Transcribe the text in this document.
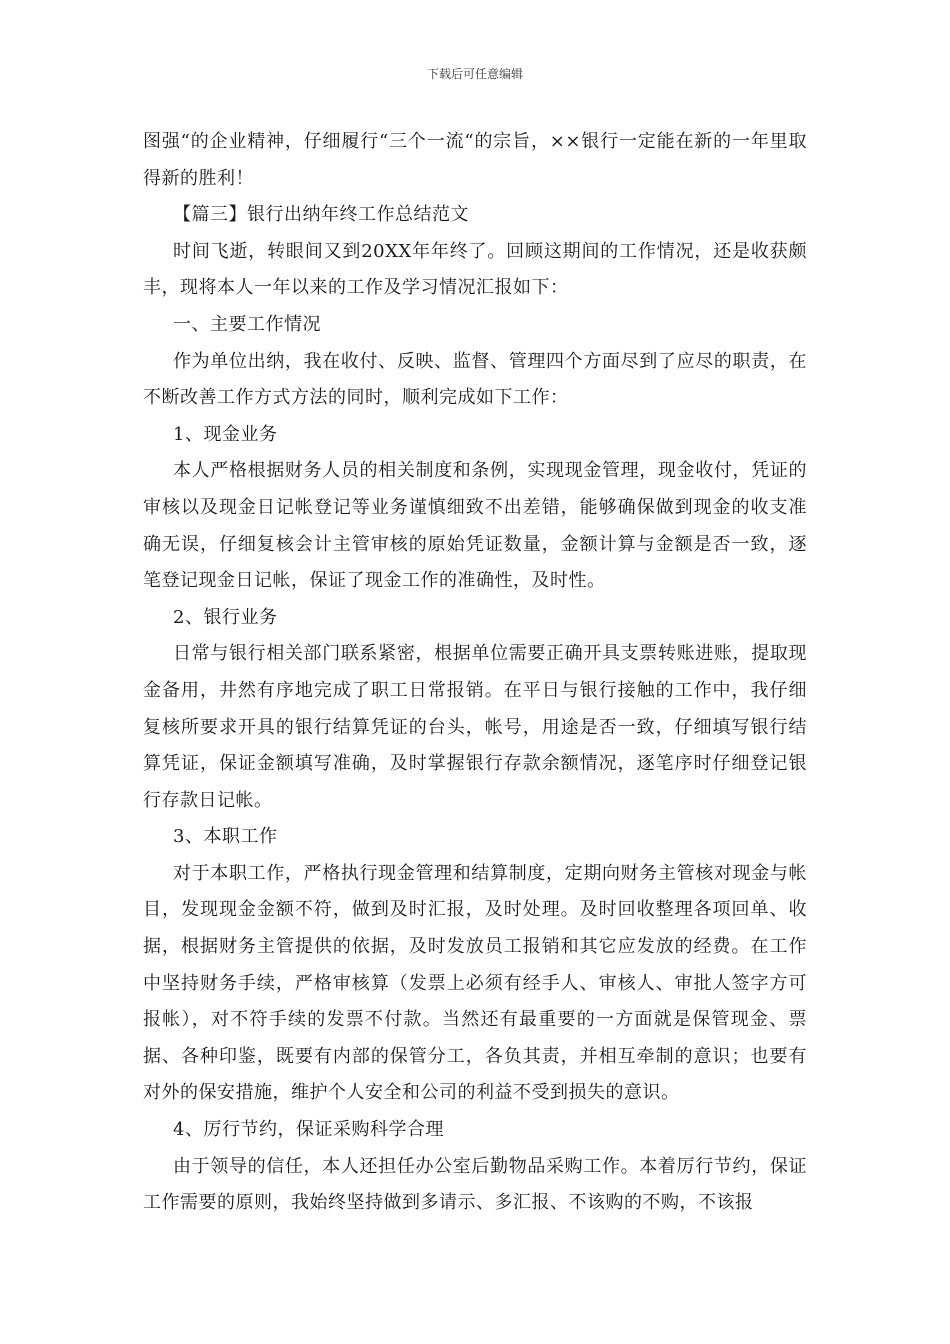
下载后可任意编辑

图强“的企业精神，仔细履行“三个一流“的宗旨，××银行一定能在新的一年里取得新的胜利！

【篇三】银行出纳年终工作总结范文

时间飞逝，转眼间又到20XX年年终了。回顾这期间的工作情况，还是收获颇丰，现将本人一年以来的工作及学习情况汇报如下：

一、主要工作情况

作为单位出纳，我在收付、反映、监督、管理四个方面尽到了应尽的职责，在不断改善工作方式方法的同时，顺利完成如下工作：

1、现金业务

本人严格根据财务人员的相关制度和条例，实现现金管理，现金收付，凭证的审核以及现金日记帐登记等业务谨慎细致不出差错，能够确保做到现金的收支准确无误，仔细复核会计主管审核的原始凭证数量，金额计算与金额是否一致，逐笔登记现金日记帐，保证了现金工作的准确性，及时性。

2、银行业务

日常与银行相关部门联系紧密，根据单位需要正确开具支票转账进账，提取现金备用，井然有序地完成了职工日常报销。在平日与银行接触的工作中，我仔细复核所要求开具的银行结算凭证的台头，帐号，用途是否一致，仔细填写银行结算凭证，保证金额填写准确，及时掌握银行存款余额情况，逐笔序时仔细登记银行存款日记帐。

3、本职工作

对于本职工作，严格执行现金管理和结算制度，定期向财务主管核对现金与帐目，发现现金金额不符，做到及时汇报，及时处理。及时回收整理各项回单、收据，根据财务主管提供的依据，及时发放员工报销和其它应发放的经费。在工作中坚持财务手续，严格审核算（发票上必须有经手人、审核人、审批人签字方可报帐），对不符手续的发票不付款。当然还有最重要的一方面就是保管现金、票据、各种印鉴，既要有内部的保管分工，各负其责，并相互牵制的意识；也要有对外的保安措施，维护个人安全和公司的利益不受到损失的意识。

4、厉行节约，保证采购科学合理

由于领导的信任，本人还担任办公室后勤物品采购工作。本着厉行节约，保证工作需要的原则，我始终坚持做到多请示、多汇报、不该购的不购，不该报
